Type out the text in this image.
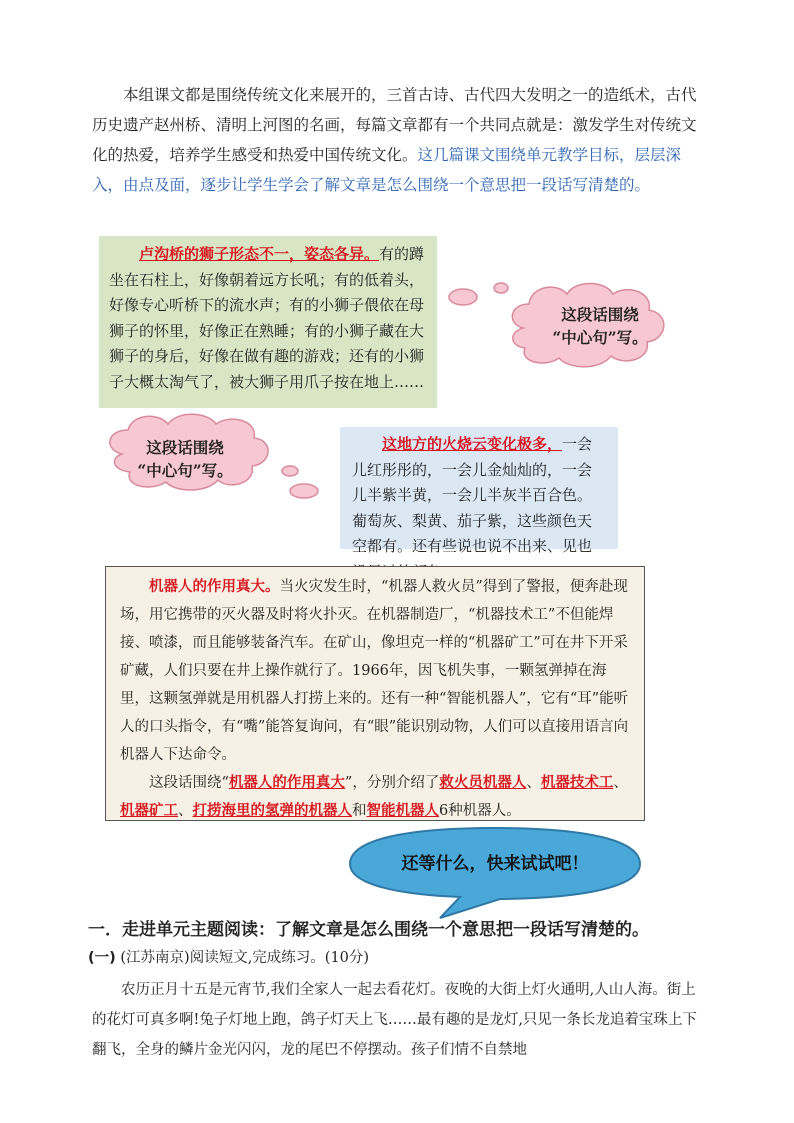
本组课文都是围绕传统文化来展开的，三首古诗、古代四大发明之一的造纸术，古代历史遗产赵州桥、清明上河图的名画，每篇文章都有一个共同点就是：激发学生对传统文化的热爱，培养学生感受和热爱中国传统文化。这几篇课文围绕单元教学目标，层层深入，由点及面，逐步让学生学会了解文章是怎么围绕一个意思把一段话写清楚的。

卢沟桥的狮子形态不一，姿态各异。有的蹲坐在石柱上，好像朝着远方长吼；有的低着头，好像专心听桥下的流水声；有的小狮子偎依在母狮子的怀里，好像正在熟睡；有的小狮子藏在大狮子的身后，好像在做有趣的游戏；还有的小狮子大概太淘气了，被大狮子用爪子按在地上……
这段话围绕
“中心句”写。
这段话围绕
“中心句”写。
这地方的火烧云变化极多，一会儿红彤彤的，一会儿金灿灿的，一会儿半紫半黄，一会儿半灰半百合色。葡萄灰、梨黄、茄子紫，这些颜色天空都有。还有些说也说不出来、见也
机器人的作用真大。当火灾发生时，“机器人救火员”得到了警报，便奔赴现场，用它携带的灭火器及时将火扑灭。在机器制造厂，“机器技术工”不但能焊接、喷漆，而且能够装备汽车。在矿山，像坦克一样的“机器矿工”可在井下开采矿藏，人们只要在井上操作就行了。1966年，因飞机失事，一颗氢弹掉在海里，这颗氢弹就是用机器人打捞上来的。还有一种“智能机器人”，它有“耳”能听人的口头指令，有“嘴”能答复询问，有“眼”能识别动物，人们可以直接用语言向机器人下达命令。
这段话围绕“机器人的作用真大”，分别介绍了救火员机器人、机器技术工、机器矿工、打捞海里的氢弹的机器人和智能机器人6种机器人。
还等什么，快来试试吧！
一．走进单元主题阅读：了解文章是怎么围绕一个意思把一段话写清楚的。
(一) (江苏南京)阅读短文,完成练习。(10分)

农历正月十五是元宵节,我们全家人一起去看花灯。夜晚的大街上灯火通明,人山人海。街上的花灯可真多啊!兔子灯地上跑，鸽子灯天上飞……最有趣的是龙灯,只见一条长龙追着宝珠上下翻飞，全身的鳞片金光闪闪，龙的尾巴不停摆动。孩子们情不自禁地
